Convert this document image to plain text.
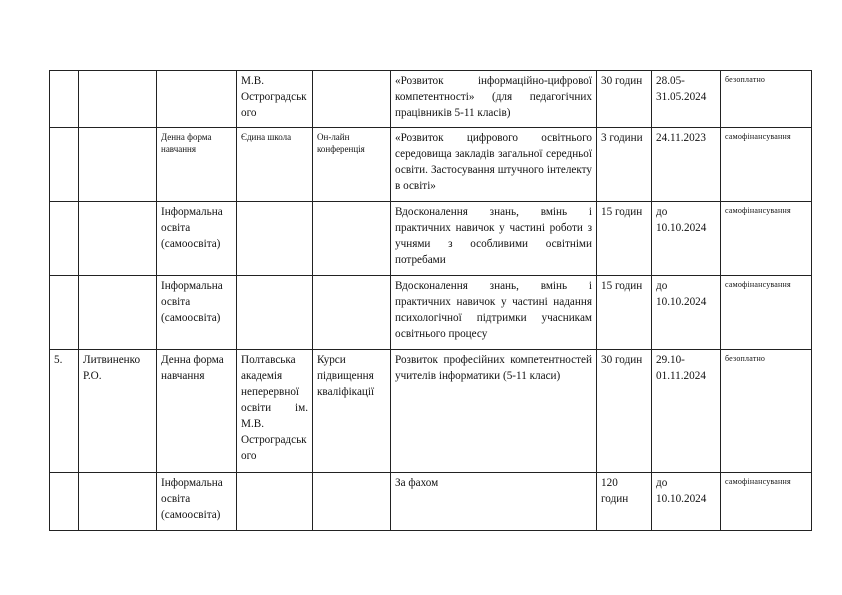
			М.В. Остроградського		«Розвиток інформаційно-цифрової компетентності» (для педагогічних працівників 5-11 класів)	30 годин	28.05-31.05.2024	безоплатно
		Денна форма навчання	Єдина школа	Он-лайн конференція	«Розвиток цифрового освітнього середовища закладів загальної середньої освіти. Застосування штучного інтелекту в освіті»	3 години	24.11.2023	самофінансування
		Інформальна освіта (самоосвіта)			Вдосконалення знань, вмінь і практичних навичок у частині роботи з учнями з особливими освітніми потребами	15 годин	до 10.10.2024	самофінансування
		Інформальна освіта (самоосвіта)			Вдосконалення знань, вмінь і практичних навичок у частині надання психологічної підтримки учасникам освітнього процесу	15 годин	до 10.10.2024	самофінансування
5.	Литвиненко Р.О.	Денна форма навчання	Полтавська академія неперервної освіти ім. М.В. Остроградського	Курси підвищення кваліфікації	Розвиток професійних компетентностей учителів інформатики (5-11 класи)	30 годин	29.10-01.11.2024	безоплатно
		Інформальна освіта (самоосвіта)			За фахом	120 годин	до 10.10.2024	самофінансування
